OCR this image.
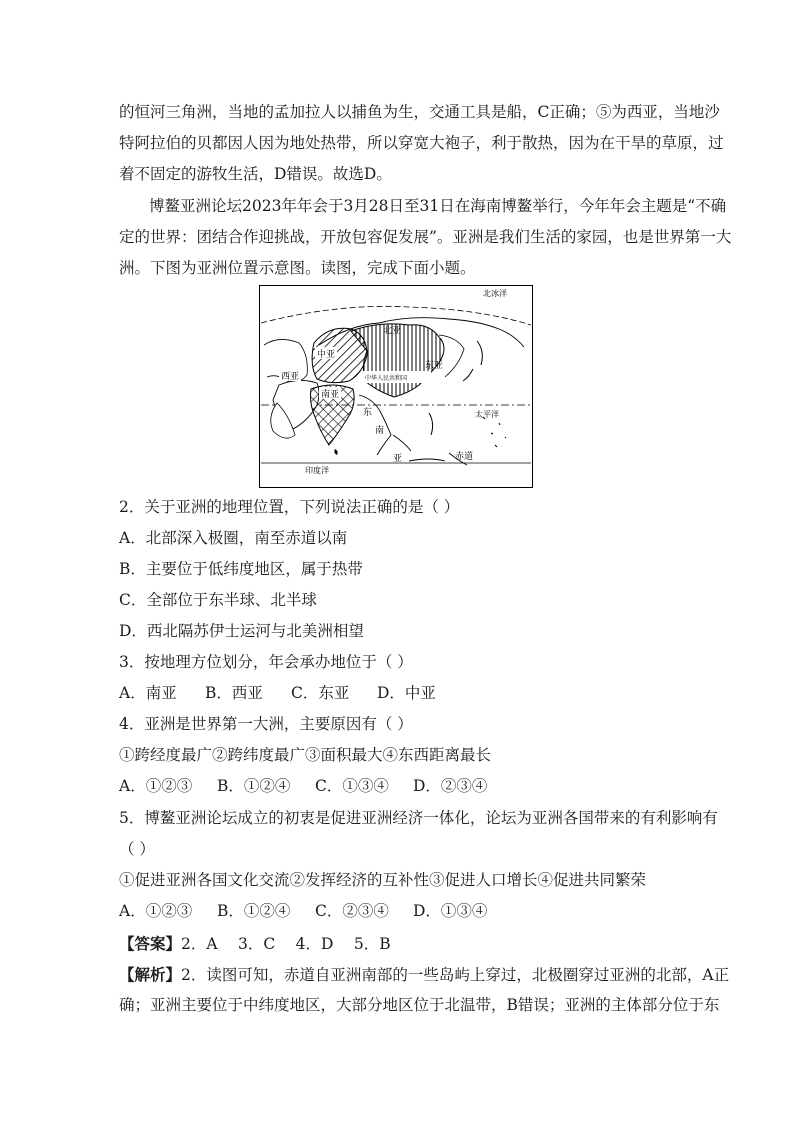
的恒河三角洲，当地的孟加拉人以捕鱼为生，交通工具是船，C正确；⑤为西亚，当地沙
特阿拉伯的贝都因人因为地处热带，所以穿宽大袍子，利于散热，因为在干旱的草原，过
着不固定的游牧生活，D错误。故选D。
博鳌亚洲论坛2023年年会于3月28日至31日在海南博鳌举行，今年年会主题是“不确
定的世界：团结合作迎挑战，开放包容促发展”。亚洲是我们生活的家园，也是世界第一大
洲。下图为亚洲位置示意图。读图，完成下面小题。
北冰洋
北亚
中亚
东亚
西亚	中华人民共和国
南亚
东
南
亚
太平洋
印度洋
赤道
2．关于亚洲的地理位置，下列说法正确的是（ ）
A．北部深入极圈，南至赤道以南
B．主要位于低纬度地区，属于热带
C．全部位于东半球、北半球
D．西北隔苏伊士运河与北美洲相望
3．按地理方位划分，年会承办地位于（ ）
A．南亚 B．西亚 C．东亚 D．中亚
4．亚洲是世界第一大洲，主要原因有（ ）
①跨经度最广②跨纬度最广③面积最大④东西距离最长
A．①②③ B．①②④ C．①③④ D．②③④
5．博鳌亚洲论坛成立的初衷是促进亚洲经济一体化，论坛为亚洲各国带来的有利影响有
（ ）
①促进亚洲各国文化交流②发挥经济的互补性③促进人口增长④促进共同繁荣
A．①②③ B．①②④ C．②③④ D．①③④
【答案】2．A　 3．C　 4．D　 5．B
【解析】2．读图可知，赤道自亚洲南部的一些岛屿上穿过，北极圈穿过亚洲的北部，A正
确；亚洲主要位于中纬度地区，大部分地区位于北温带，B错误；亚洲的主体部分位于东
